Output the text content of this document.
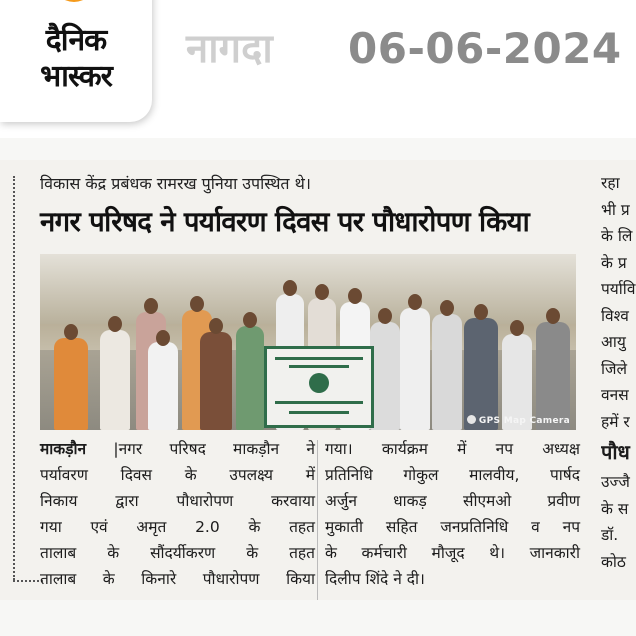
दैनिक
भास्कर
नागदा 06-06-2024
विकास केंद्र प्रबंधक रामरख पुनिया उपस्थित थे।
नगर परिषद ने पर्यावरण दिवस पर पौधारोपण किया
GPS Map Camera
माकड़ौन |नगर परिषद माकड़ौन ने
पर्यावरण दिवस के उपलक्ष्य में
निकाय द्वारा पौधारोपण करवाया
गया एवं अमृत 2.0 के तहत
तालाब के सौंदर्यीकरण के तहत
तालाब के किनारे पौधारोपण किया
गया। कार्यक्रम में नप अध्यक्ष
प्रतिनिधि गोकुल मालवीय, पार्षद
अर्जुन धाकड़ सीएमओ प्रवीण
मुकाती सहित जनप्रतिनिधि व नप
के कर्मचारी मौजूद थे। जानकारी
दिलीप शिंदे ने दी।
रहा
भी प्र
के लि
के प्र
पर्यावि
विश्व
आयु
जिले
वनस
हमें र
पौध
उज्जै
के स
डॉ.
कोठ
